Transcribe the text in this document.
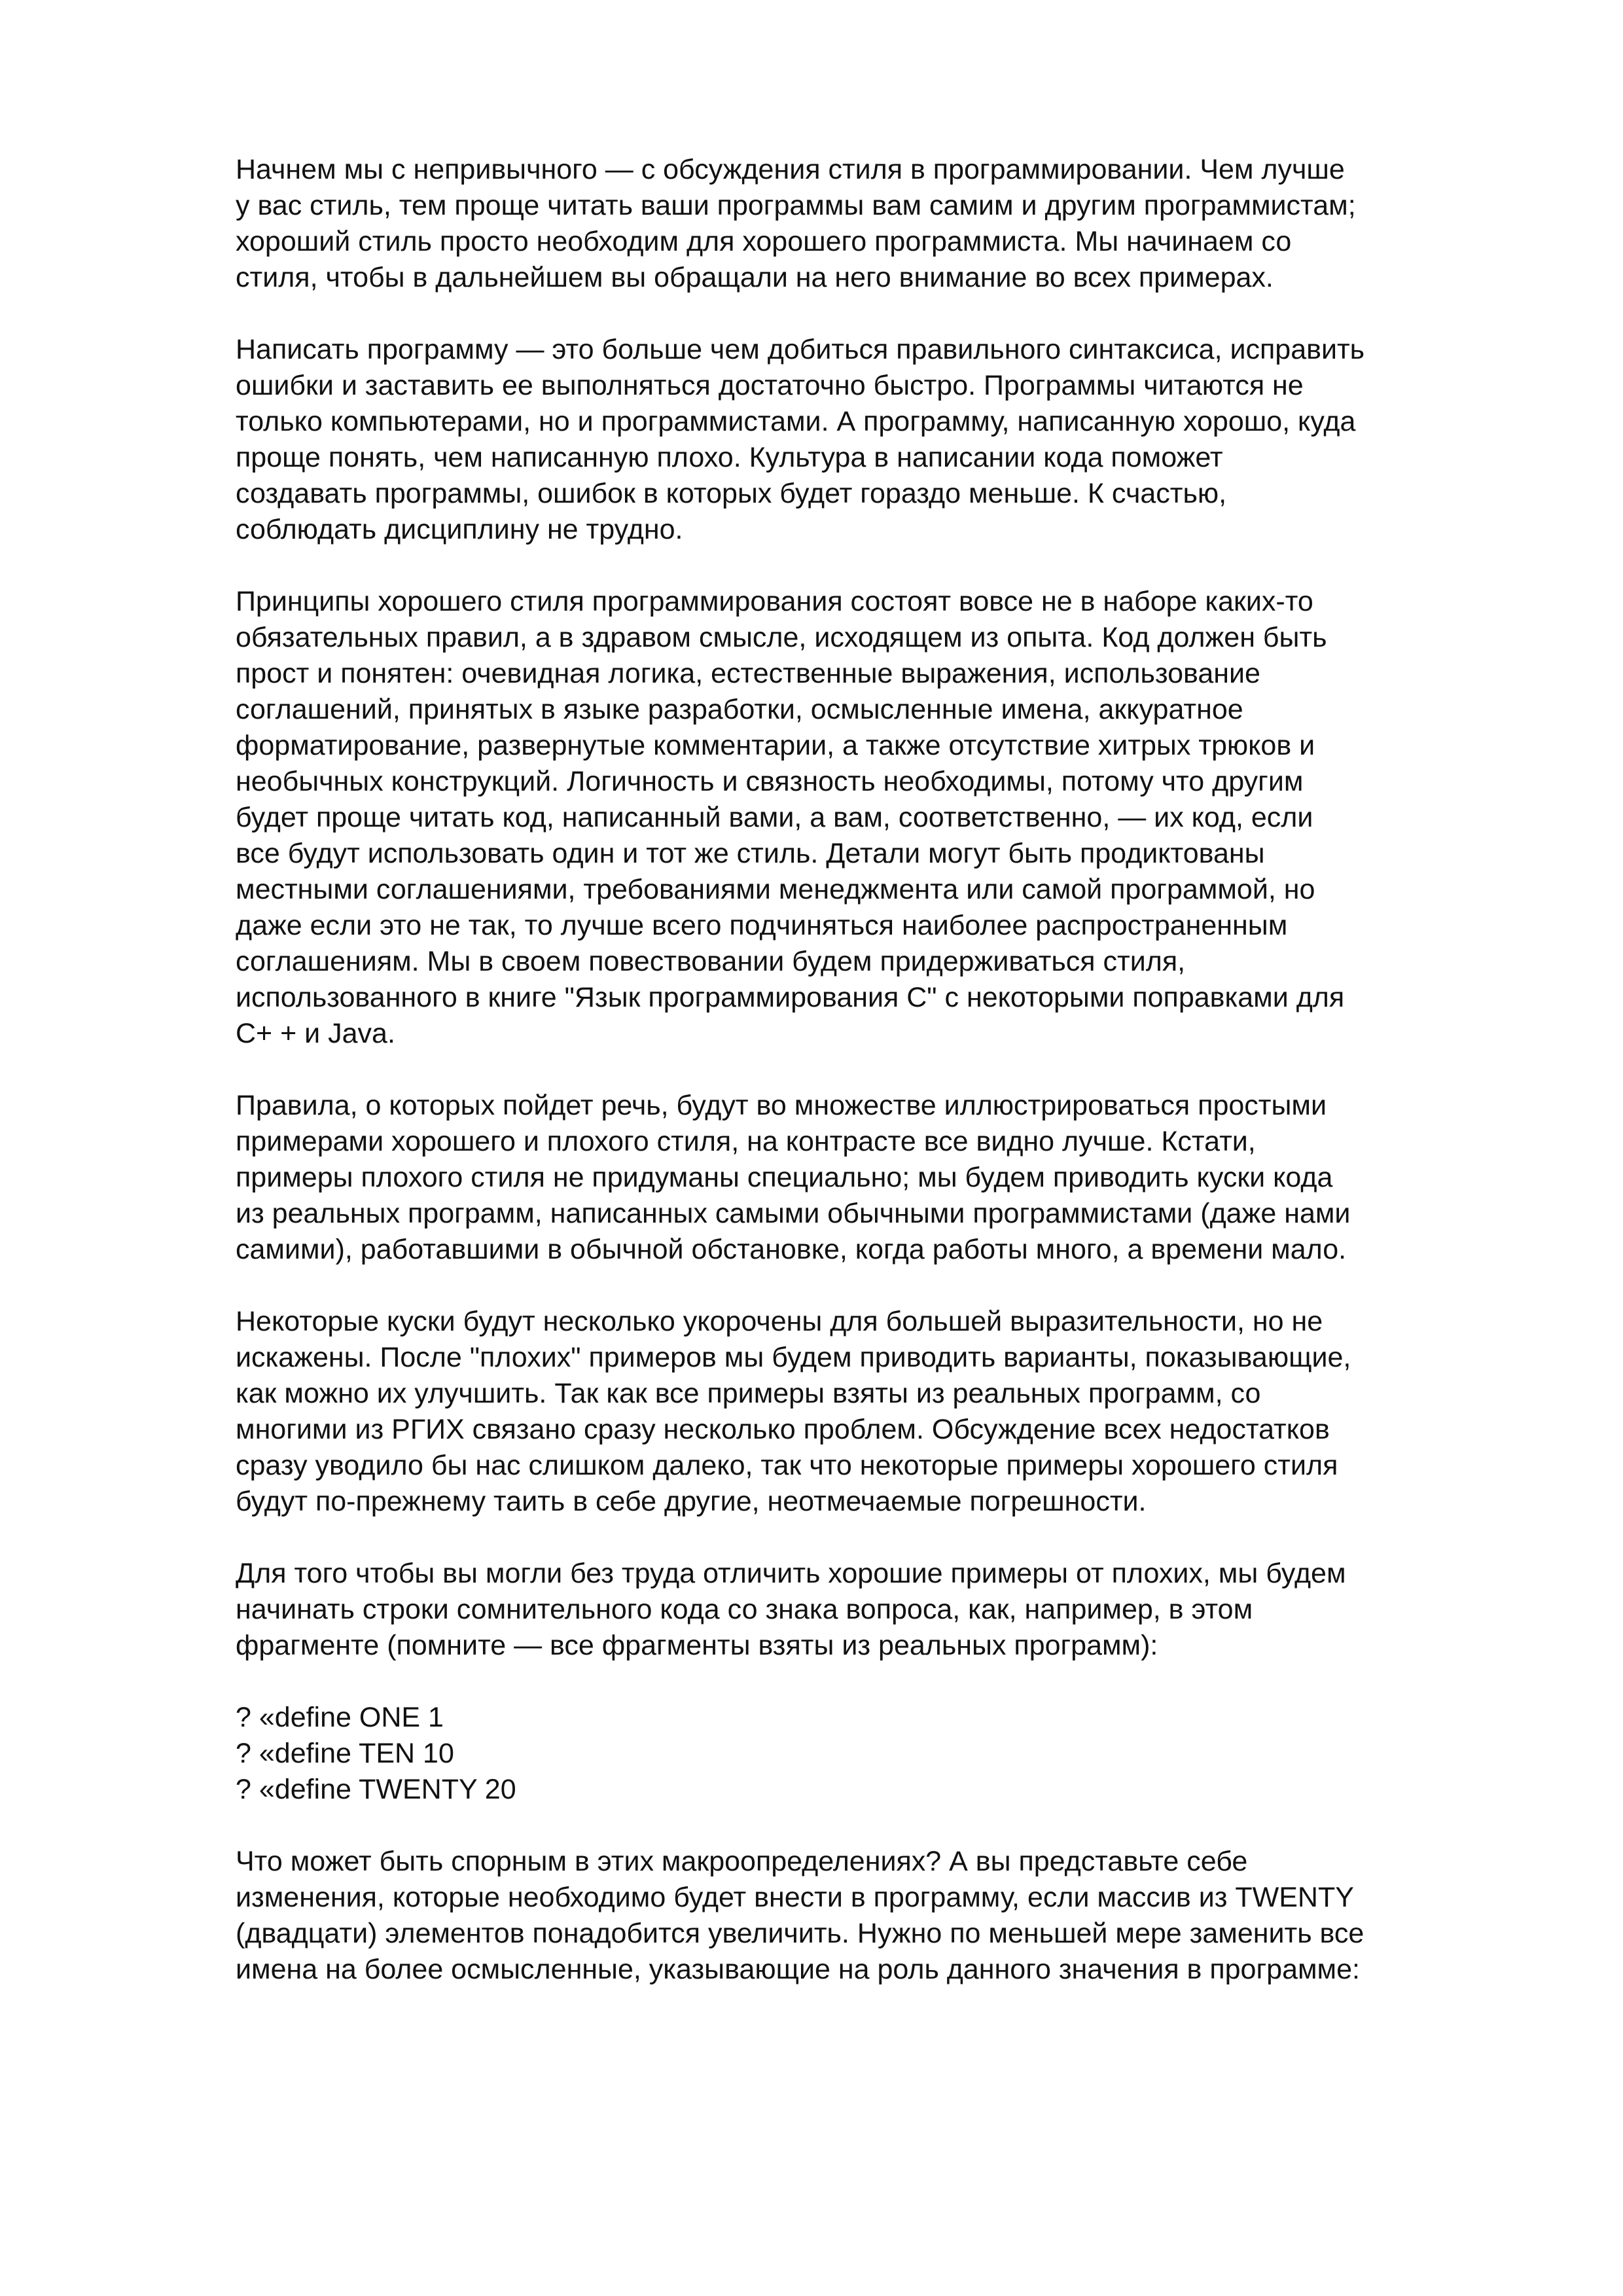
Начнем мы с непривычного — с обсуждения стиля в программировании. Чем лучше
у вас стиль, тем проще читать ваши программы вам самим и другим программистам;
хороший стиль просто необходим для хорошего программиста. Мы начинаем со
стиля, чтобы в дальнейшем вы обращали на него внимание во всех примерах.
Написать программу — это больше чем добиться правильного синтаксиса, исправить
ошибки и заставить ее выполняться достаточно быстро. Программы читаются не
только компьютерами, но и программистами. А программу, написанную хорошо, куда
проще понять, чем написанную плохо. Культура в написании кода поможет
создавать программы, ошибок в которых будет гораздо меньше. К счастью,
соблюдать дисциплину не трудно.
Принципы хорошего стиля программирования состоят вовсе не в наборе каких-то
обязательных правил, а в здравом смысле, исходящем из опыта. Код должен быть
прост и понятен: очевидная логика, естественные выражения, использование
соглашений, принятых в языке разработки, осмысленные имена, аккуратное
форматирование, развернутые комментарии, а также отсутствие хитрых трюков и
необычных конструкций. Логичность и связность необходимы, потому что другим
будет проще читать код, написанный вами, а вам, соответственно, — их код, если
все будут использовать один и тот же стиль. Детали могут быть продиктованы
местными соглашениями, требованиями менеджмента или самой программой, но
даже если это не так, то лучше всего подчиняться наиболее распространенным
соглашениям. Мы в своем повествовании будем придерживаться стиля,
использованного в книге "Язык программирования С" с некоторыми поправками для
C+ + и Java.
Правила, о которых пойдет речь, будут во множестве иллюстрироваться простыми
примерами хорошего и плохого стиля, на контрасте все видно лучше. Кстати,
примеры плохого стиля не придуманы специально; мы будем приводить куски кода
из реальных программ, написанных самыми обычными программистами (даже нами
самими), работавшими в обычной обстановке, когда работы много, а времени мало.
Некоторые куски будут несколько укорочены для большей выразительности, но не
искажены. После "плохих" примеров мы будем приводить варианты, показывающие,
как можно их улучшить. Так как все примеры взяты из реальных программ, со
многими из РГИХ связано сразу несколько проблем. Обсуждение всех недостатков
сразу уводило бы нас слишком далеко, так что некоторые примеры хорошего стиля
будут по-прежнему таить в себе другие, неотмечаемые погрешности.
Для того чтобы вы могли без труда отличить хорошие примеры от плохих, мы будем
начинать строки сомнительного кода со знака вопроса, как, например, в этом
фрагменте (помните — все фрагменты взяты из реальных программ):
? «define ONE 1
? «define TEN 10
? «define TWENTY 20
Что может быть спорным в этих макроопределениях? А вы представьте себе
изменения, которые необходимо будет внести в программу, если массив из TWENTY
(двадцати) элементов понадобится увеличить. Нужно по меньшей мере заменить все
имена на более осмысленные, указывающие на роль данного значения в программе:
